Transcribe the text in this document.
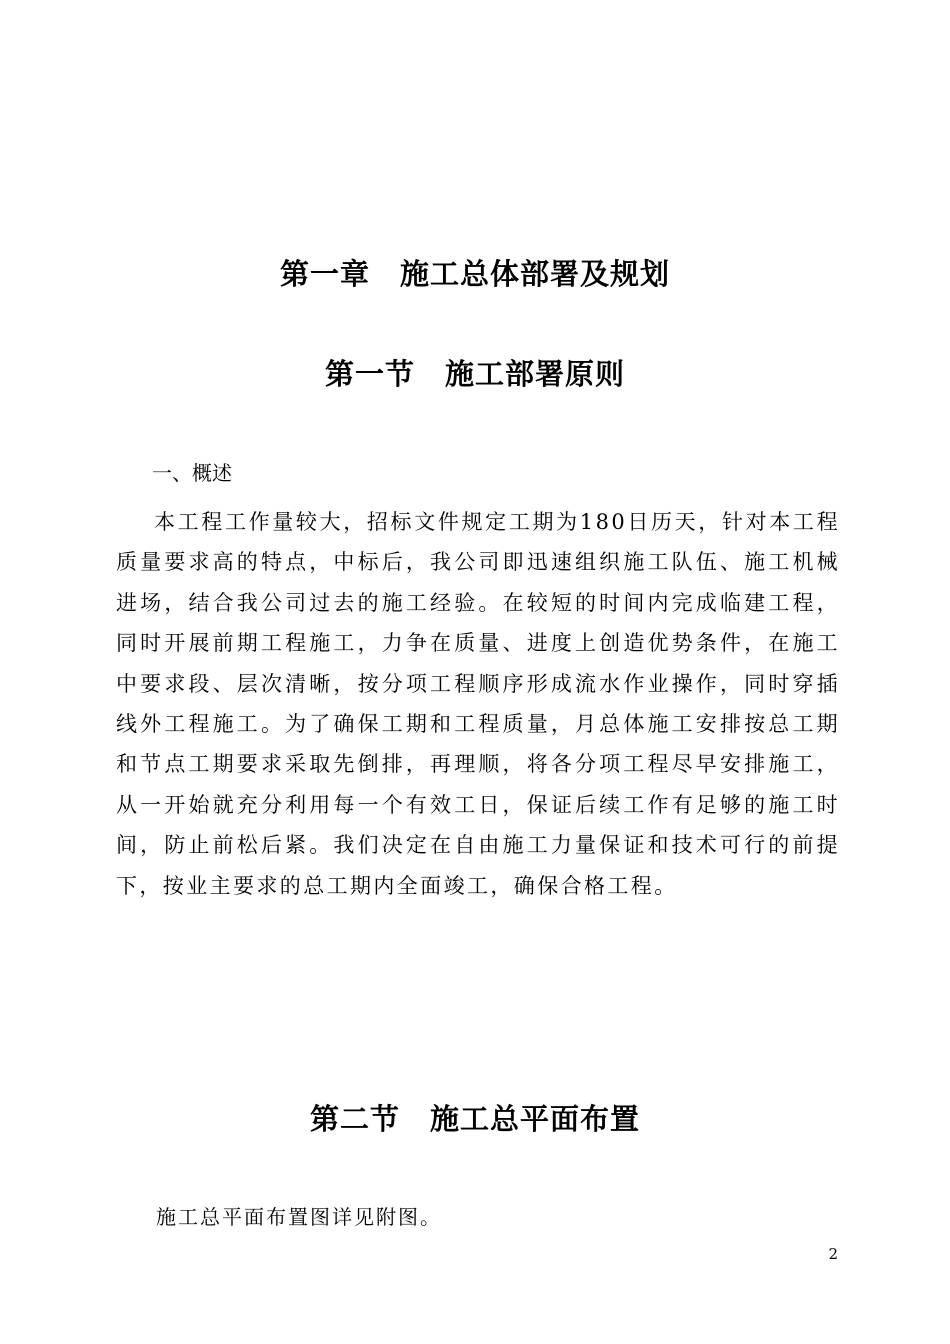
第一章　施工总体部署及规划
第一节　施工部署原则
一、概述

本工程工作量较大，招标文件规定工期为180日历天，针对本工程质量要求高的特点，中标后，我公司即迅速组织施工队伍、施工机械进场，结合我公司过去的施工经验。在较短的时间内完成临建工程，同时开展前期工程施工，力争在质量、进度上创造优势条件，在施工中要求段、层次清晰，按分项工程顺序形成流水作业操作，同时穿插线外工程施工。为了确保工期和工程质量，月总体施工安排按总工期和节点工期要求采取先倒排，再理顺，将各分项工程尽早安排施工，从一开始就充分利用每一个有效工日，保证后续工作有足够的施工时间，防止前松后紧。我们决定在自由施工力量保证和技术可行的前提下，按业主要求的总工期内全面竣工，确保合格工程。

第二节　施工总平面布置
施工总平面布置图详见附图。
2
